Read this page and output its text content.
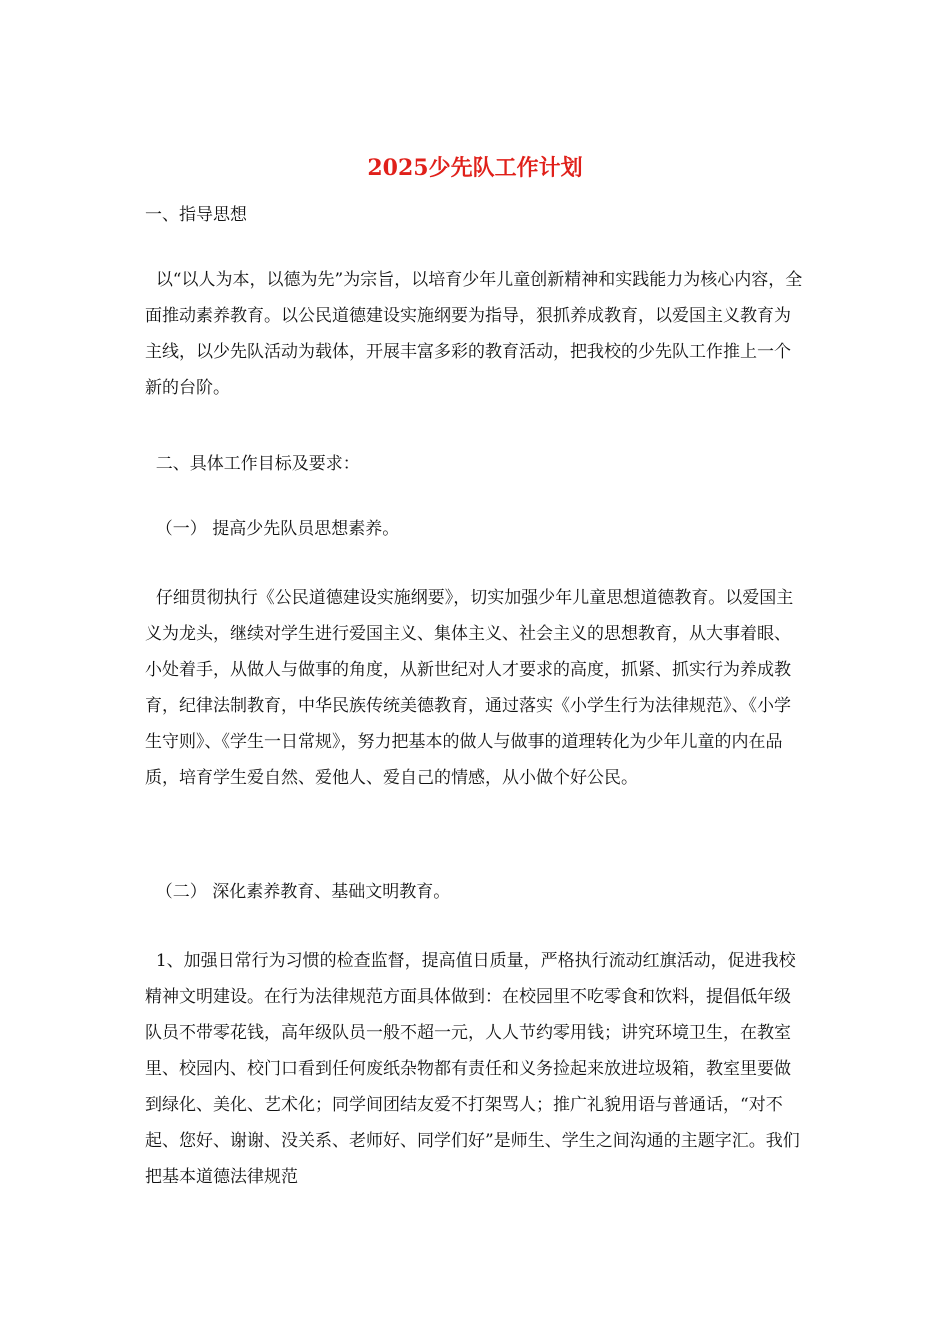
2025少先队工作计划
一、指导思想

以“以人为本，以德为先”为宗旨，以培育少年儿童创新精神和实践能力为核心内容，全面推动素养教育。以公民道德建设实施纲要为指导，狠抓养成教育，以爱国主义教育为主线，以少先队活动为载体，开展丰富多彩的教育活动，把我校的少先队工作推上一个新的台阶。

二、具体工作目标及要求：
（一） 提高少先队员思想素养。

仔细贯彻执行《公民道德建设实施纲要》，切实加强少年儿童思想道德教育。以爱国主义为龙头，继续对学生进行爱国主义、集体主义、社会主义的思想教育，从大事着眼、小处着手，从做人与做事的角度，从新世纪对人才要求的高度，抓紧、抓实行为养成教育，纪律法制教育，中华民族传统美德教育，通过落实《小学生行为法律规范》、《小学生守则》、《学生一日常规》，努力把基本的做人与做事的道理转化为少年儿童的内在品质，培育学生爱自然、爱他人、爱自己的情感，从小做个好公民。

（二） 深化素养教育、基础文明教育。

1、加强日常行为习惯的检查监督，提高值日质量，严格执行流动红旗活动，促进我校精神文明建设。在行为法律规范方面具体做到：在校园里不吃零食和饮料，提倡低年级队员不带零花钱，高年级队员一般不超一元，人人节约零用钱；讲究环境卫生，在教室里、校园内、校门口看到任何废纸杂物都有责任和义务捡起来放进垃圾箱，教室里要做到绿化、美化、艺术化；同学间团结友爱不打架骂人；推广礼貌用语与普通话，“对不起、您好、谢谢、没关系、老师好、同学们好”是师生、学生之间沟通的主题字汇。我们把基本道德法律规范
